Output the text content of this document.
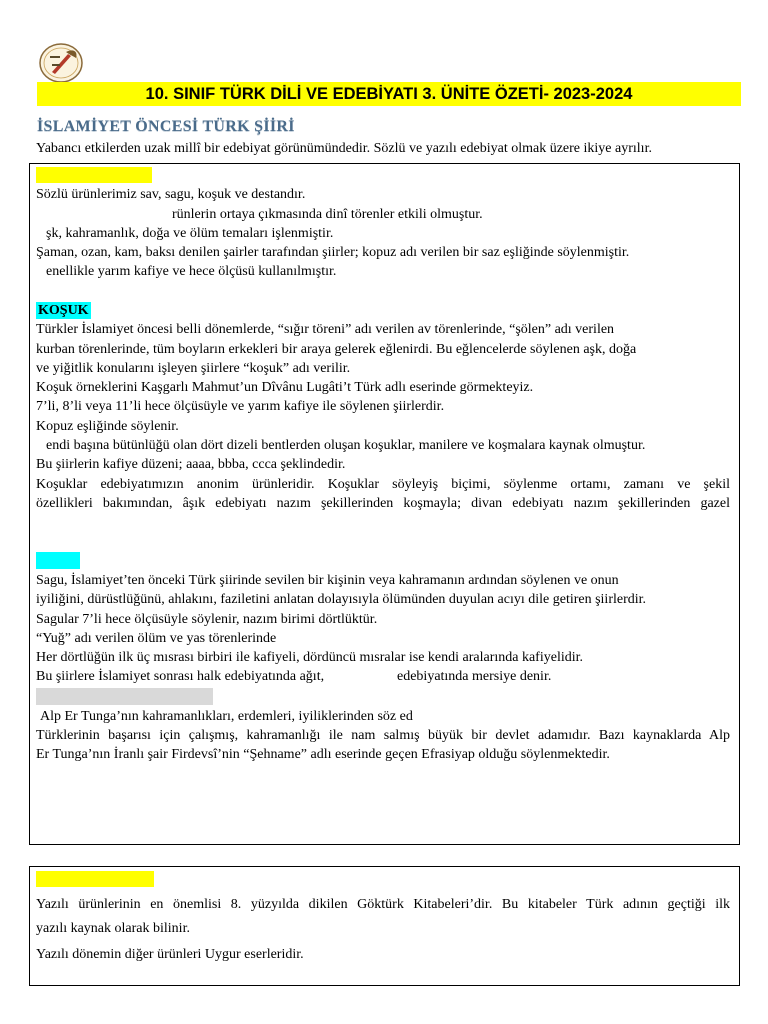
10. SINIF TÜRK DİLİ VE EDEBİYATI 3. ÜNİTE ÖZETİ- 2023-2024
İSLAMİYET ÖNCESİ TÜRK ŞİİRİ
Yabancı etkilerden uzak millî bir edebiyat görünümündedir. Sözlü ve yazılı edebiyat olmak üzere ikiye ayrılır.
Sözlü ürünlerimiz sav, sagu, koşuk ve destandır.
rünlerin ortaya çıkmasında dinî törenler etkili olmuştur.
şk, kahramanlık, doğa ve ölüm temaları işlenmiştir.
Şaman, ozan, kam, baksı denilen şairler tarafından şiirler; kopuz adı verilen bir saz eşliğinde söylenmiştir.
enellikle yarım kafiye ve hece ölçüsü kullanılmıştır.
KOŞUK
Türkler İslamiyet öncesi belli dönemlerde, “sığır töreni” adı verilen av törenlerinde, “şölen” adı verilen
kurban törenlerinde, tüm boyların erkekleri bir araya gelerek eğlenirdi. Bu eğlencelerde söylenen aşk, doğa
ve yiğitlik konularını işleyen şiirlere “koşuk” adı verilir.
Koşuk örneklerini Kaşgarlı Mahmut’un Dîvânu Lugâti’t Türk adlı eserinde görmekteyiz.
7’li, 8’li veya 11’li hece ölçüsüyle ve yarım kafiye ile söylenen şiirlerdir.
Kopuz eşliğinde söylenir.
endi başına bütünlüğü olan dört dizeli bentlerden oluşan koşuklar, manilere ve koşmalara kaynak olmuştur.
Bu şiirlerin kafiye düzeni; aaaa, bbba, ccca şeklindedir.
Koşuklar edebiyatımızın anonim ürünleridir. Koşuklar söyleyiş biçimi, söylenme ortamı, zamanı ve şekil
özellikleri bakımından, âşık edebiyatı nazım şekillerinden koşmayla; divan edebiyatı nazım şekillerinden gazel
Sagu, İslamiyet’ten önceki Türk şiirinde sevilen bir kişinin veya kahramanın ardından söylenen ve onun
iyiliğini, dürüstlüğünü, ahlakını, faziletini anlatan dolayısıyla ölümünden duyulan acıyı dile getiren şiirlerdir.
Sagular 7’li hece ölçüsüyle söylenir, nazım birimi dörtlüktür.
“Yuğ” adı verilen ölüm ve yas törenlerinde
Her dörtlüğün ilk üç mısrası birbiri ile kafiyeli, dördüncü mısralar ise kendi aralarında kafiyelidir.
Bu şiirlere İslamiyet sonrası halk edebiyatında ağıt,	edebiyatında mersiye denir.
Alp Er Tunga’nın kahramanlıkları, erdemleri, iyiliklerinden söz ed
Türklerinin başarısı için çalışmış, kahramanlığı ile nam salmış büyük bir devlet adamıdır. Bazı kaynaklarda Alp
Er Tunga’nın İranlı şair Firdevsî’nin “Şehname” adlı eserinde geçen Efrasiyap olduğu söylenmektedir.
Yazılı ürünlerinin en önemlisi 8. yüzyılda dikilen Göktürk Kitabeleri’dir. Bu kitabeler Türk adının geçtiği ilk
yazılı kaynak olarak bilinir.
Yazılı dönemin diğer ürünleri Uygur eserleridir.
